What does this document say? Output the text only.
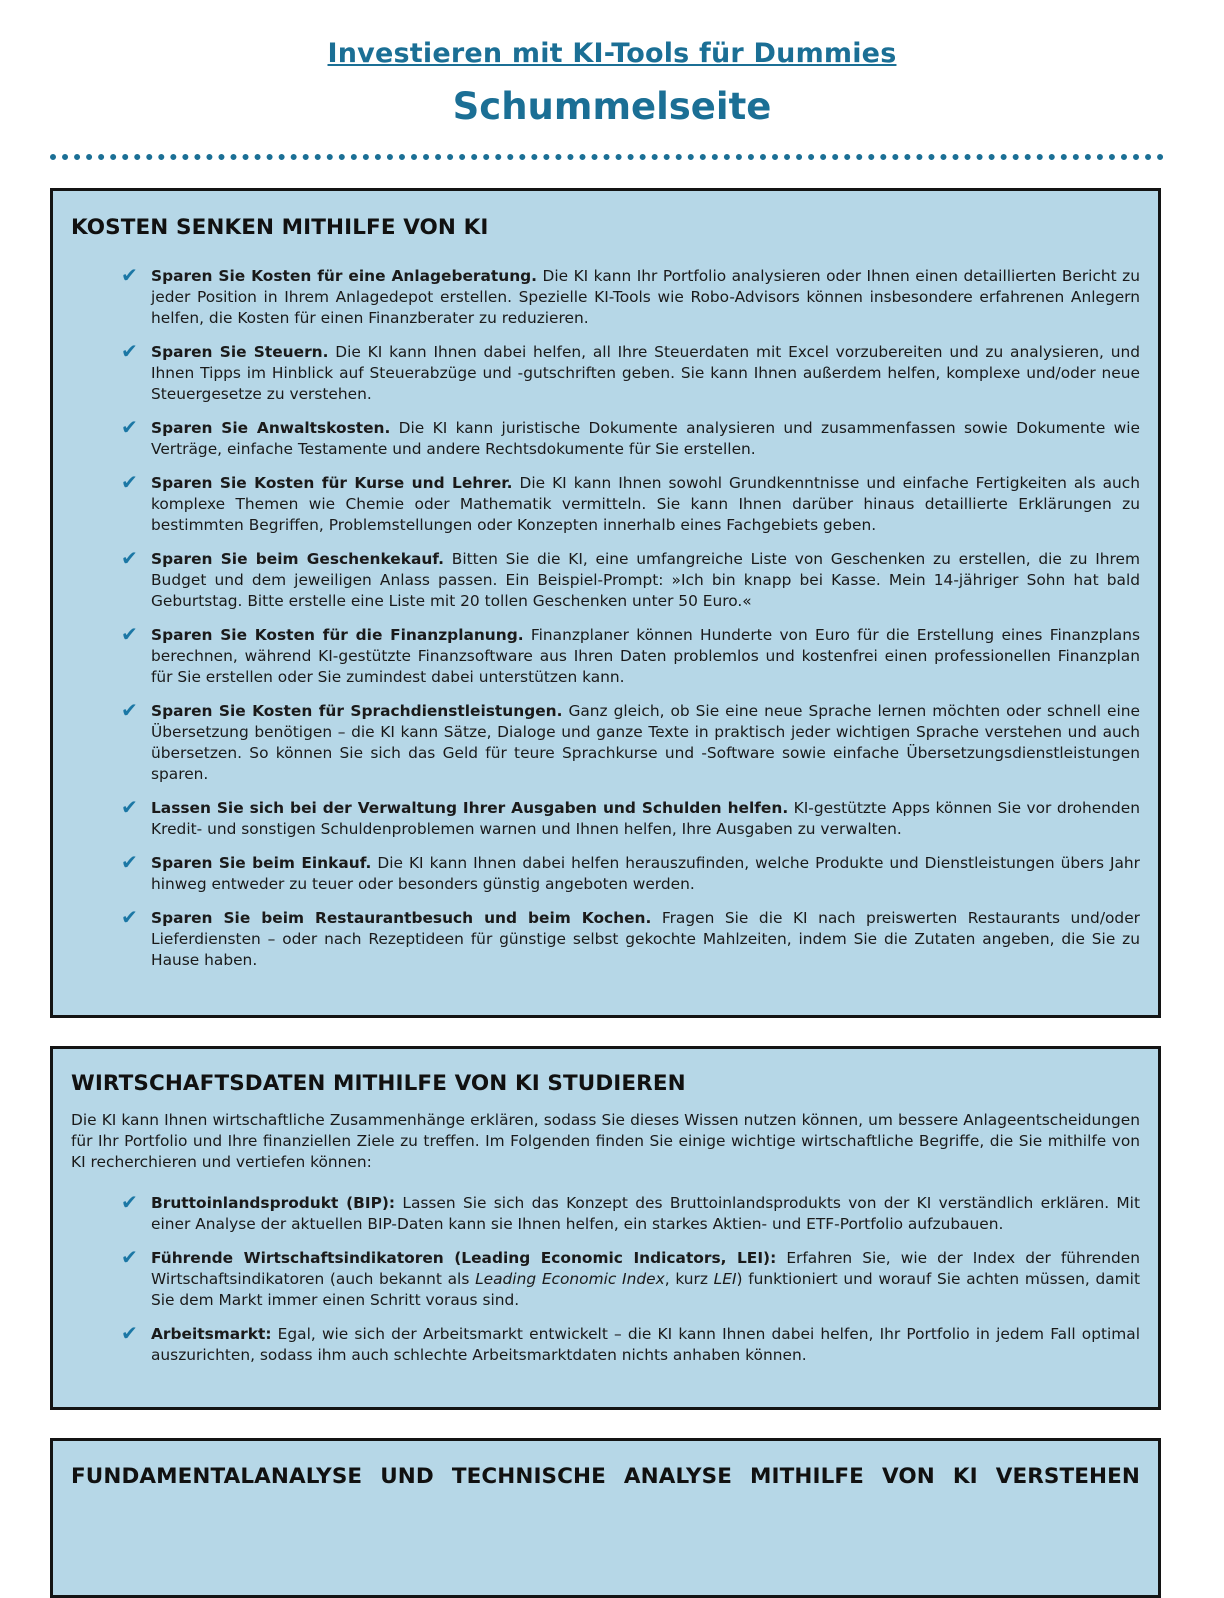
Investieren mit KI-Tools für Dummies
Schummelseite
KOSTEN SENKEN MITHILFE VON KI
✔ Sparen Sie Kosten für eine Anlageberatung. Die KI kann Ihr Portfolio analysieren oder Ihnen einen detaillierten Bericht zu jeder Position in Ihrem Anlagedepot erstellen. Spezielle KI-Tools wie Robo-Advisors können insbesondere erfahrenen Anlegern helfen, die Kosten für einen Finanzberater zu reduzieren.
✔ Sparen Sie Steuern. Die KI kann Ihnen dabei helfen, all Ihre Steuerdaten mit Excel vorzubereiten und zu analysieren, und Ihnen Tipps im Hinblick auf Steuerabzüge und -gutschriften geben. Sie kann Ihnen außerdem helfen, komplexe und/oder neue Steuergesetze zu verstehen.
✔ Sparen Sie Anwaltskosten. Die KI kann juristische Dokumente analysieren und zusammenfassen sowie Dokumente wie Verträge, einfache Testamente und andere Rechtsdokumente für Sie erstellen.
✔ Sparen Sie Kosten für Kurse und Lehrer. Die KI kann Ihnen sowohl Grundkenntnisse und einfache Fertigkeiten als auch komplexe Themen wie Chemie oder Mathematik vermitteln. Sie kann Ihnen darüber hinaus detaillierte Erklärungen zu bestimmten Begriffen, Problemstellungen oder Konzepten innerhalb eines Fachgebiets geben.
✔ Sparen Sie beim Geschenkekauf. Bitten Sie die KI, eine umfangreiche Liste von Geschenken zu erstellen, die zu Ihrem Budget und dem jeweiligen Anlass passen. Ein Beispiel-Prompt: »Ich bin knapp bei Kasse. Mein 14-jähriger Sohn hat bald Geburtstag. Bitte erstelle eine Liste mit 20 tollen Geschenken unter 50 Euro.«
✔ Sparen Sie Kosten für die Finanzplanung. Finanzplaner können Hunderte von Euro für die Erstellung eines Finanzplans berechnen, während KI-gestützte Finanzsoftware aus Ihren Daten problemlos und kostenfrei einen professionellen Finanzplan für Sie erstellen oder Sie zumindest dabei unterstützen kann.
✔ Sparen Sie Kosten für Sprachdienstleistungen. Ganz gleich, ob Sie eine neue Sprache lernen möchten oder schnell eine Übersetzung benötigen – die KI kann Sätze, Dialoge und ganze Texte in praktisch jeder wichtigen Sprache verstehen und auch übersetzen. So können Sie sich das Geld für teure Sprachkurse und -Software sowie einfache Übersetzungsdienstleistungen sparen.
✔ Lassen Sie sich bei der Verwaltung Ihrer Ausgaben und Schulden helfen. KI-gestützte Apps können Sie vor drohenden Kredit- und sonstigen Schuldenproblemen warnen und Ihnen helfen, Ihre Ausgaben zu verwalten.
✔ Sparen Sie beim Einkauf. Die KI kann Ihnen dabei helfen herauszufinden, welche Produkte und Dienstleistungen übers Jahr hinweg entweder zu teuer oder besonders günstig angeboten werden.
✔ Sparen Sie beim Restaurantbesuch und beim Kochen. Fragen Sie die KI nach preiswerten Restaurants und/oder Lieferdiensten – oder nach Rezeptideen für günstige selbst gekochte Mahlzeiten, indem Sie die Zutaten angeben, die Sie zu Hause haben.
WIRTSCHAFTSDATEN MITHILFE VON KI STUDIEREN

Die KI kann Ihnen wirtschaftliche Zusammenhänge erklären, sodass Sie dieses Wissen nutzen können, um bessere Anlageentscheidungen für Ihr Portfolio und Ihre finanziellen Ziele zu treffen. Im Folgenden finden Sie einige wichtige wirtschaftliche Begriffe, die Sie mithilfe von KI recherchieren und vertiefen können:

✔ Bruttoinlandsprodukt (BIP): Lassen Sie sich das Konzept des Bruttoinlandsprodukts von der KI verständlich erklären. Mit einer Analyse der aktuellen BIP-Daten kann sie Ihnen helfen, ein starkes Aktien- und ETF-Portfolio aufzubauen.
✔ Führende Wirtschaftsindikatoren (Leading Economic Indicators, LEI): Erfahren Sie, wie der Index der führenden Wirtschaftsindikatoren (auch bekannt als Leading Economic Index, kurz LEI) funktioniert und worauf Sie achten müssen, damit Sie dem Markt immer einen Schritt voraus sind.
✔ Arbeitsmarkt: Egal, wie sich der Arbeitsmarkt entwickelt – die KI kann Ihnen dabei helfen, Ihr Portfolio in jedem Fall optimal auszurichten, sodass ihm auch schlechte Arbeitsmarktdaten nichts anhaben können.
FUNDAMENTALANALYSE UND TECHNISCHE ANALYSE MITHILFE VON KI VERSTEHEN
